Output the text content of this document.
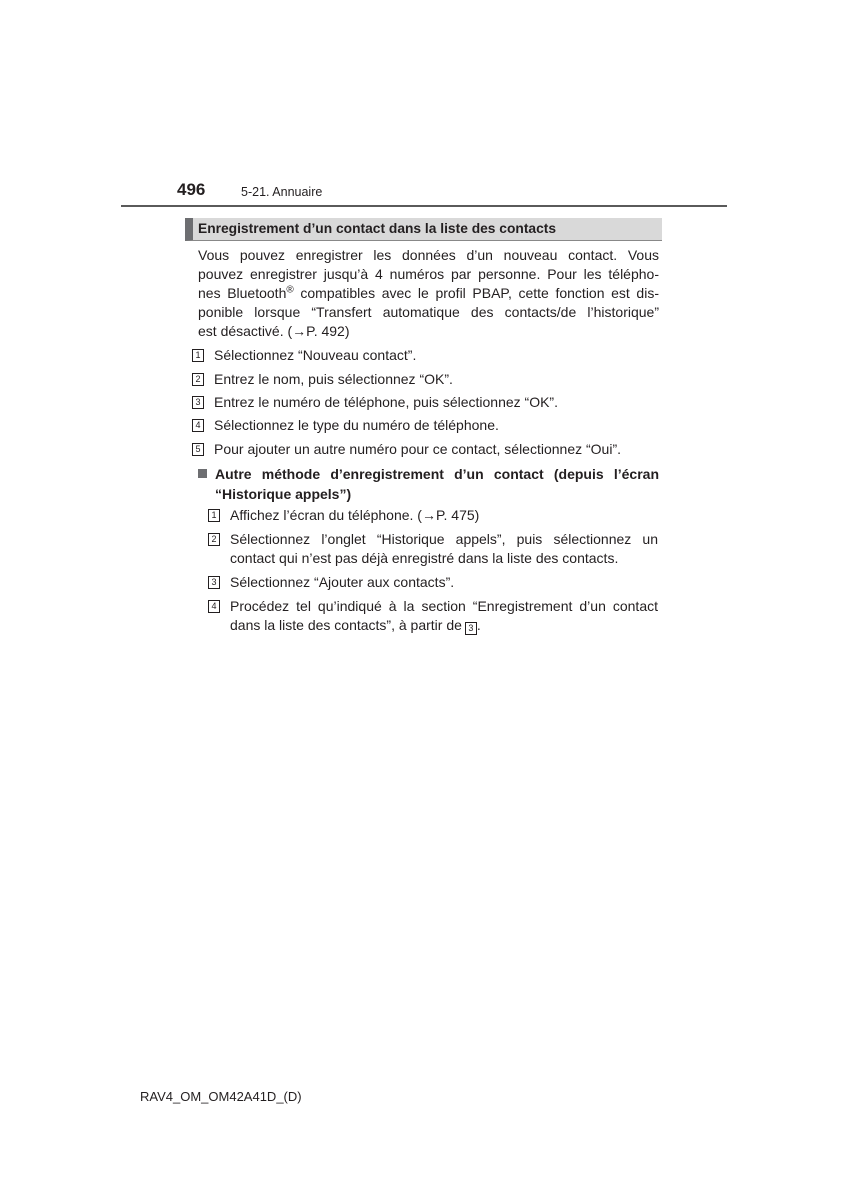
496	5-21. Annuaire
Enregistrement d’un contact dans la liste des contacts
Vous pouvez enregistrer les données d’un nouveau contact. Vous
pouvez enregistrer jusqu’à 4 numéros par personne. Pour les télépho-
nes Bluetooth® compatibles avec le profil PBAP, cette fonction est dis-
ponible lorsque “Transfert automatique des contacts/de l’historique”
est désactivé. (→P. 492)
1 Sélectionnez “Nouveau contact”.
2 Entrez le nom, puis sélectionnez “OK”.
3 Entrez le numéro de téléphone, puis sélectionnez “OK”.
4 Sélectionnez le type du numéro de téléphone.
5 Pour ajouter un autre numéro pour ce contact, sélectionnez “Oui”.
Autre méthode d’enregistrement d’un contact (depuis l’écran
“Historique appels”)
1 Affichez l’écran du téléphone. (→P. 475)
2 Sélectionnez l’onglet “Historique appels”, puis sélectionnez un
contact qui n’est pas déjà enregistré dans la liste des contacts.
3 Sélectionnez “Ajouter aux contacts”.
4 Procédez tel qu’indiqué à la section “Enregistrement d’un contact
dans la liste des contacts”, à partir de 3 .
RAV4_OM_OM42A41D_(D)
